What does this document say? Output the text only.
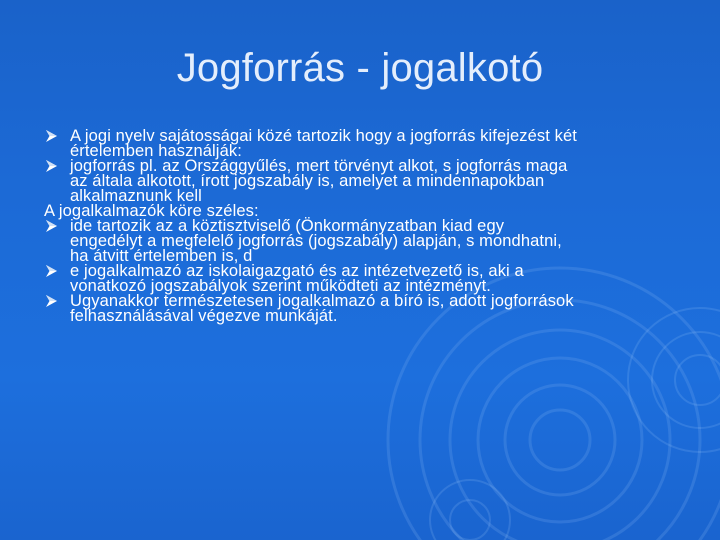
Jogforrás - jogalkotó
A jogi nyelv sajátosságai közé tartozik hogy a jogforrás kifejezést két
értelemben használják:
jogforrás pl. az Országgyűlés, mert törvényt alkot, s jogforrás maga
az általa alkotott, írott jogszabály is, amelyet a mindennapokban
alkalmaznunk kell
A jogalkalmazók köre széles:
ide tartozik az a köztisztviselő (Önkormányzatban kiad egy
engedélyt a megfelelő jogforrás (jogszabály) alapján, s mondhatni,
ha átvitt értelemben is, d
e jogalkalmazó az iskolaigazgató és az intézetvezető is, aki a
vonatkozó jogszabályok szerint működteti az intézményt.
Ugyanakkor természetesen jogalkalmazó a bíró is, adott jogforrások
felhasználásával végezve munkáját.
